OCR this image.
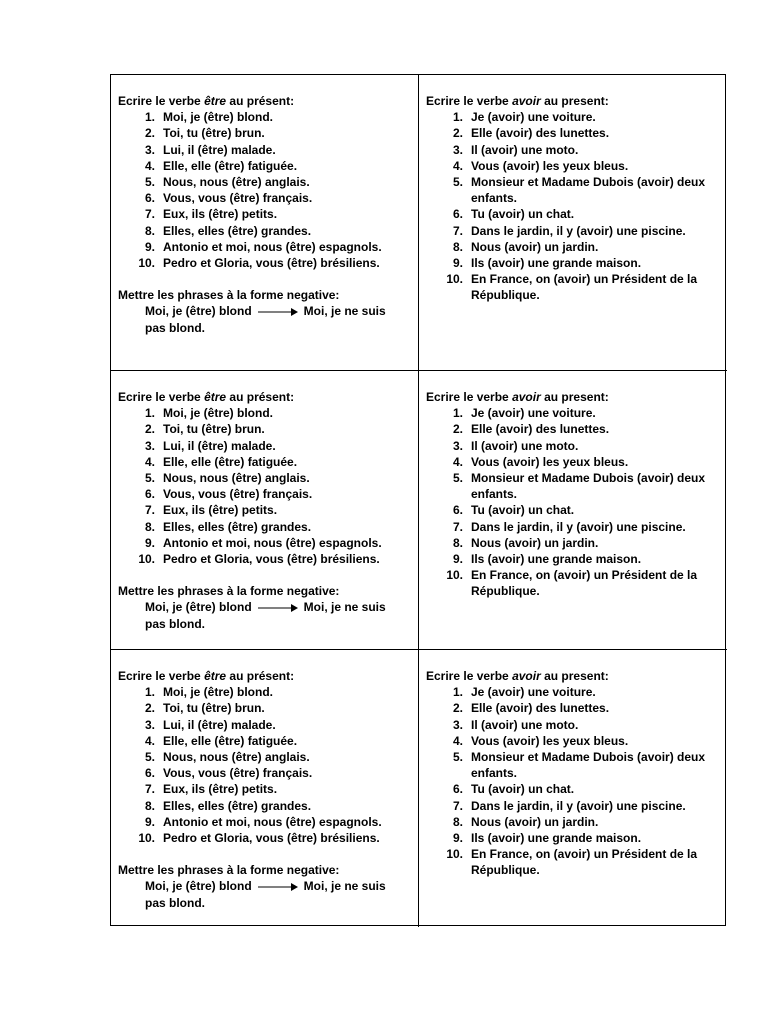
Ecrire le verbe être au présent:

1. Moi, je (être) blond.
2. Toi, tu (être) brun.
3. Lui, il (être) malade.
4. Elle, elle (être) fatiguée.
5. Nous, nous (être) anglais.
6. Vous, vous (être) français.
7. Eux, ils (être) petits.
8. Elles, elles (être) grandes.
9. Antonio et moi, nous (être) espagnols.
10. Pedro et Gloria, vous (être) brésiliens.

Mettre les phrases à la forme negative:

Moi, je (être) blond	Moi, je ne suis
pas blond.

Ecrire le verbe avoir au present:

1. Je (avoir) une voiture.
2. Elle (avoir) des lunettes.
3. Il (avoir) une moto.
4. Vous (avoir) les yeux bleus.
5. Monsieur et Madame Dubois (avoir) deux enfants.
6. Tu (avoir) un chat.
7. Dans le jardin, il y (avoir) une piscine.
8. Nous (avoir) un jardin.
9. Ils (avoir) une grande maison.
10. En France, on (avoir) un Président de la République.

Ecrire le verbe être au présent:

1. Moi, je (être) blond.
2. Toi, tu (être) brun.
3. Lui, il (être) malade.
4. Elle, elle (être) fatiguée.
5. Nous, nous (être) anglais.
6. Vous, vous (être) français.
7. Eux, ils (être) petits.
8. Elles, elles (être) grandes.
9. Antonio et moi, nous (être) espagnols.
10. Pedro et Gloria, vous (être) brésiliens.

Mettre les phrases à la forme negative:

Moi, je (être) blond	Moi, je ne suis
pas blond.

Ecrire le verbe avoir au present:

1. Je (avoir) une voiture.
2. Elle (avoir) des lunettes.
3. Il (avoir) une moto.
4. Vous (avoir) les yeux bleus.
5. Monsieur et Madame Dubois (avoir) deux enfants.
6. Tu (avoir) un chat.
7. Dans le jardin, il y (avoir) une piscine.
8. Nous (avoir) un jardin.
9. Ils (avoir) une grande maison.
10. En France, on (avoir) un Président de la République.

Ecrire le verbe être au présent:

1. Moi, je (être) blond.
2. Toi, tu (être) brun.
3. Lui, il (être) malade.
4. Elle, elle (être) fatiguée.
5. Nous, nous (être) anglais.
6. Vous, vous (être) français.
7. Eux, ils (être) petits.
8. Elles, elles (être) grandes.
9. Antonio et moi, nous (être) espagnols.
10. Pedro et Gloria, vous (être) brésiliens.

Mettre les phrases à la forme negative:

Moi, je (être) blond	Moi, je ne suis
pas blond.

Ecrire le verbe avoir au present:

1. Je (avoir) une voiture.
2. Elle (avoir) des lunettes.
3. Il (avoir) une moto.
4. Vous (avoir) les yeux bleus.
5. Monsieur et Madame Dubois (avoir) deux enfants.
6. Tu (avoir) un chat.
7. Dans le jardin, il y (avoir) une piscine.
8. Nous (avoir) un jardin.
9. Ils (avoir) une grande maison.
10. En France, on (avoir) un Président de la République.
